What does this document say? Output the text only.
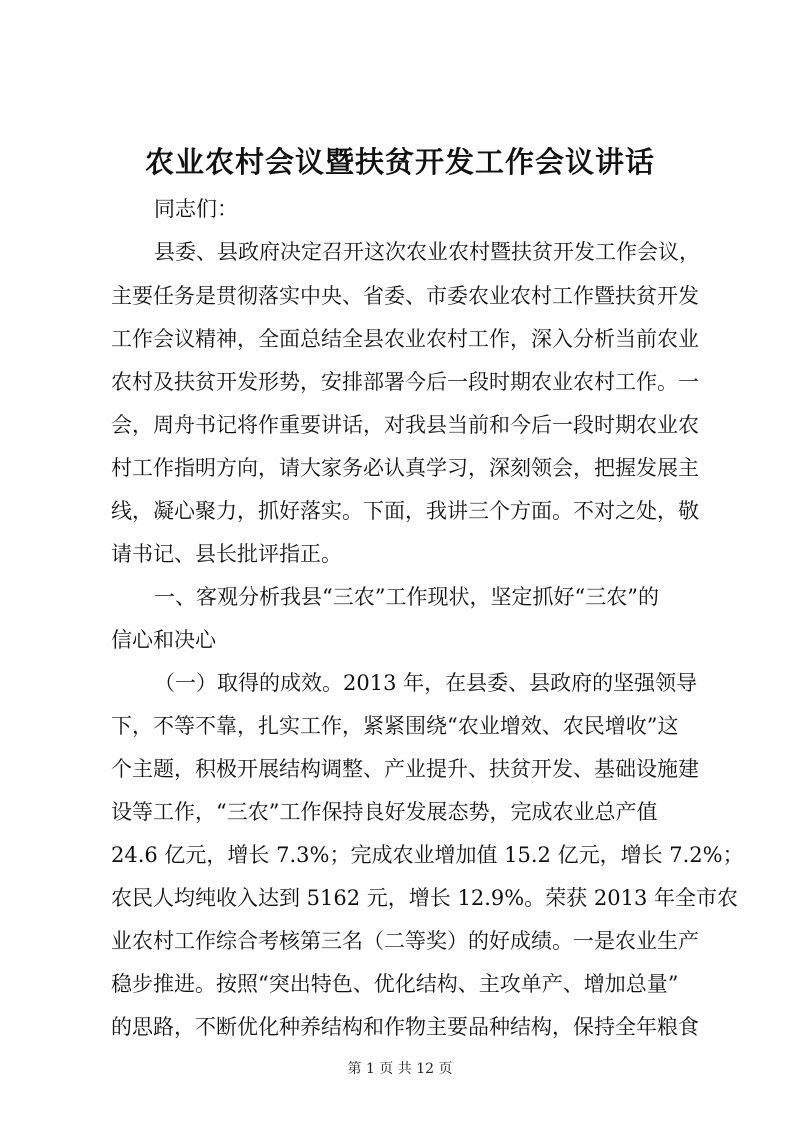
农业农村会议暨扶贫开发工作会议讲话
同志们：
县委、县政府决定召开这次农业农村暨扶贫开发工作会议，
主要任务是贯彻落实中央、省委、市委农业农村工作暨扶贫开发
工作会议精神，全面总结全县农业农村工作，深入分析当前农业
农村及扶贫开发形势，安排部署今后一段时期农业农村工作。一
会，周舟书记将作重要讲话，对我县当前和今后一段时期农业农
村工作指明方向，请大家务必认真学习，深刻领会，把握发展主
线，凝心聚力，抓好落实。下面，我讲三个方面。不对之处，敬
请书记、县长批评指正。
一、客观分析我县“三农”工作现状，坚定抓好“三农”的
信心和决心
（一）取得的成效。2013 年，在县委、县政府的坚强领导
下，不等不靠，扎实工作，紧紧围绕“农业增效、农民增收”这
个主题，积极开展结构调整、产业提升、扶贫开发、基础设施建
设等工作，“三农”工作保持良好发展态势，完成农业总产值
24.6 亿元，增长 7.3%；完成农业增加值 15.2 亿元，增长 7.2%；
农民人均纯收入达到 5162 元，增长 12.9%。荣获 2013 年全市农
业农村工作综合考核第三名（二等奖）的好成绩。一是农业生产
稳步推进。按照“突出特色、优化结构、主攻单产、增加总量”
的思路，不断优化种养结构和作物主要品种结构，保持全年粮食
第 1 页 共 12 页
